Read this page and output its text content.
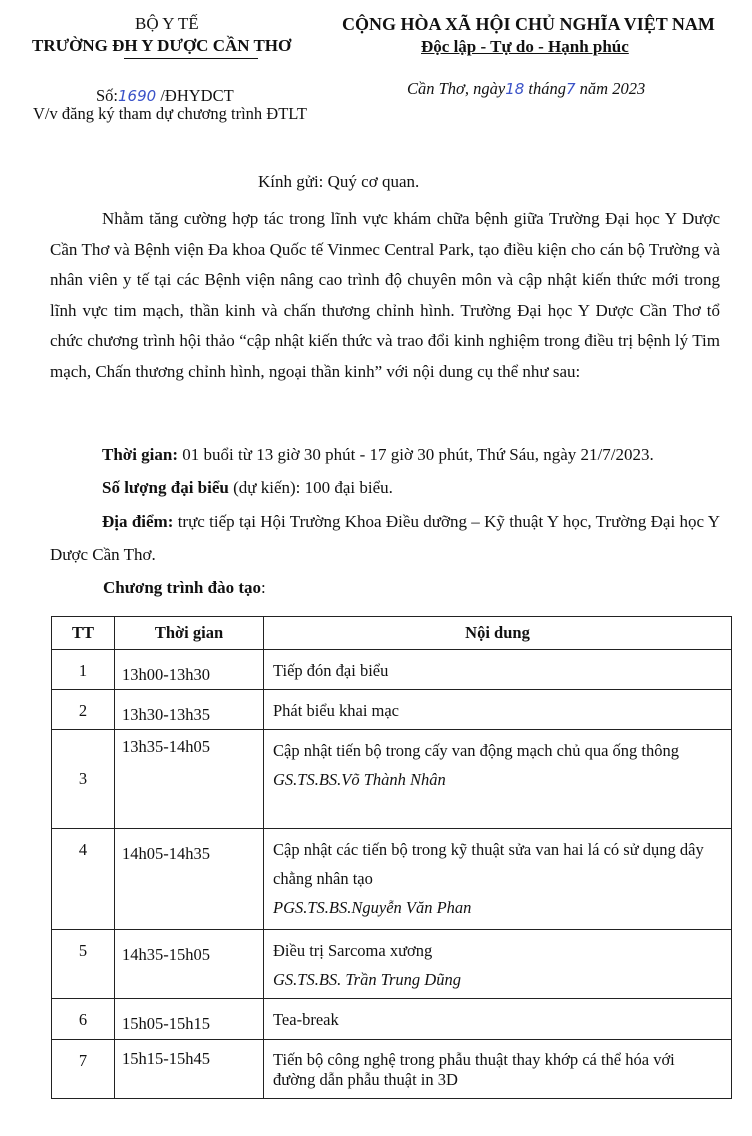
BỘ Y TẾ
TRƯỜNG ĐH Y DƯỢC CẦN THƠ
CỘNG HÒA XÃ HỘI CHỦ NGHĨA VIỆT NAM
Độc lập - Tự do - Hạnh phúc
Số:1690 /ĐHYDCT
V/v đăng ký tham dự chương trình ĐTLT
Cần Thơ, ngày18 tháng7 năm 2023
Kính gửi: Quý cơ quan.
Nhằm tăng cường hợp tác trong lĩnh vực khám chữa bệnh giữa Trường Đại học Y Dược Cần Thơ và Bệnh viện Đa khoa Quốc tế Vinmec Central Park, tạo điều kiện cho cán bộ Trường và nhân viên y tế tại các Bệnh viện nâng cao trình độ chuyên môn và cập nhật kiến thức mới trong lĩnh vực tim mạch, thần kinh và chấn thương chỉnh hình. Trường Đại học Y Dược Cần Thơ tổ chức chương trình hội thảo “cập nhật kiến thức và trao đổi kinh nghiệm trong điều trị bệnh lý Tim mạch, Chấn thương chỉnh hình, ngoại thần kinh” với nội dung cụ thể như sau:
Thời gian: 01 buổi từ 13 giờ 30 phút - 17 giờ 30 phút, Thứ Sáu, ngày 21/7/2023.
Số lượng đại biểu (dự kiến): 100 đại biểu.
Địa điểm: trực tiếp tại Hội Trường Khoa Điều dưỡng – Kỹ thuật Y học, Trường Đại học Y Dược Cần Thơ.
Chương trình đào tạo:
TT	Thời gian	Nội dung

1	13h00-13h30	Tiếp đón đại biểu

2	13h30-13h35	Phát biểu khai mạc

3	13h35-14h05	Cập nhật tiến bộ trong cấy van động mạch chủ qua ống thông
GS.TS.BS.Võ Thành Nhân

4	14h05-14h35	Cập nhật các tiến bộ trong kỹ thuật sửa van hai lá có sử dụng dây chằng nhân tạo
PGS.TS.BS.Nguyễn Văn Phan

5	14h35-15h05	Điều trị Sarcoma xương
GS.TS.BS. Trần Trung Dũng

6	15h05-15h15	Tea-break

7	15h15-15h45	Tiến bộ công nghệ trong phẫu thuật thay khớp cá thể hóa với đường dẫn phẫu thuật in 3D
